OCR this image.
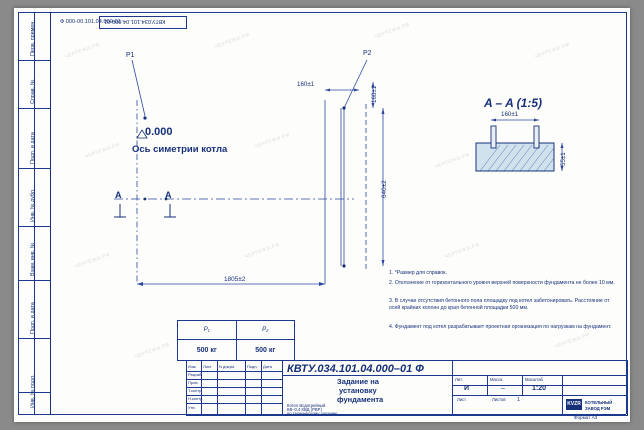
Перв. примен.
Справ. №
Подп. и дата
Инв. № дубл.
Взам. инв. №
Подп. и дата
Инв. № подл.
КВТУ.034.101.04.000-01
Ф 000-00.101.04.000-01
P1	P2
0.000
Ось симетрии котла
A	A
1805±2
640±2
160±1
160±1	A – A (1:5)
160±1
55±1
P₁	P₂
500 кг	500 кг
1. *Размер для справок.
2. Отклонение от горизонтального уровня верхней поверхности фундамента не более 10 мм.
3. В случае отсутствия бетонного пола площадку под котел забетонировать. Расстояние от осей крайних колонн до края бетонной площадки 500 мм.
4. Фундамент под котел разрабатывает проектная организация по нагрузкам на фундамент.
Изм. Лист N докум.	Подп. Дата
Разраб.
Пров.
Т.контр.
Н.контр.
Утв.
КВТУ.034.101.04.000–01 Ф
Задание на
установку
фундамента
Котел Водогрейный
КВ–0,4 КВД (РВР)
по техническому заданию
Лит.	Масса	Масштаб
И	–	1:20
Лист	Листов 1
KVZR КОТЕЛЬНЫЙ
ЗАВОД РЭМ
Формат A3
ЧЕРТЕЖИ.РФ
ЧЕРТЕЖИ.РФ
ЧЕРТЕЖИ.РФ
ЧЕРТЕЖИ.РФ
ЧЕРТЕЖИ.РФ
ЧЕРТЕЖИ.РФ
ЧЕРТЕЖИ.РФ
ЧЕРТЕЖИ.РФ
ЧЕРТЕЖИ.РФ	ЧЕРТЕЖИ.РФ
ЧЕРТЕЖИ.РФ
ЧЕРТЕЖИ.РФ
